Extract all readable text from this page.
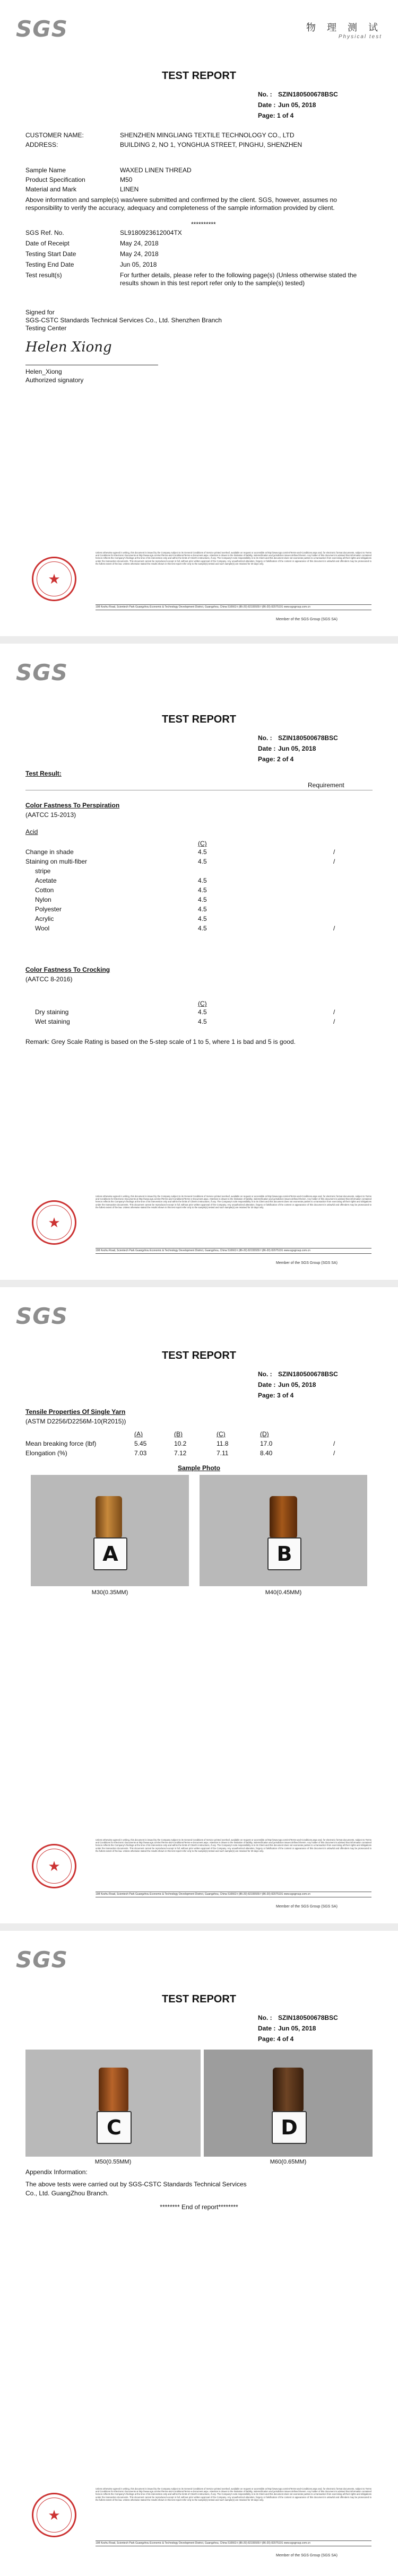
SGS	物 理 测 试
Physical test
TEST REPORT
No. : SZIN180500678BSC
Date : Jun 05, 2018
Page: 1 of 4
CUSTOMER NAME:	SHENZHEN MINGLIANG TEXTILE TECHNOLOGY CO., LTD
ADDRESS:	BUILDING 2, NO 1, YONGHUA STREET, PINGHU, SHENZHEN
Sample Name	WAXED LINEN THREAD
Product Specification	M50
Material and Mark	LINEN
Above information and sample(s) was/were submitted and confirmed by the client. SGS, however, assumes no responsibility to verify the accuracy, adequacy and completeness of the sample information provided by client.
**********
SGS Ref. No.	SL9180923612004TX
Date of Receipt	May 24, 2018
Testing Start Date	May 24, 2018
Testing End Date	Jun 05, 2018
Test result(s)	For further details, please refer to the following page(s) (Unless otherwise stated the results shown in this test report refer only to the sample(s) tested)
Signed for
SGS-CSTC Standards Technical Services Co., Ltd. Shenzhen Branch
Testing Center
Helen Xiong
Helen_Xiong
Authorized signatory
★
Unless otherwise agreed in writing, this document is issued by the Company subject to its General Conditions of Service printed overleaf, available on request or accessible at http://www.sgs.com/en/Terms-and-Conditions.aspx and, for electronic format documents, subject to Terms and Conditions for Electronic Documents at http://www.sgs.com/en/Terms-and-Conditions/Terms-e-Document.aspx. Attention is drawn to the limitation of liability, indemnification and jurisdiction issues defined therein. Any holder of this document is advised that information contained hereon reflects the Company's findings at the time of its intervention only and within the limits of Client's instructions, if any. The Company's sole responsibility is to its Client and this document does not exonerate parties to a transaction from exercising all their rights and obligations under the transaction documents. This document cannot be reproduced except in full, without prior written approval of the Company. Any unauthorized alteration, forgery or falsification of the content or appearance of this document is unlawful and offenders may be prosecuted to the fullest extent of the law. Unless otherwise stated the results shown in this test report refer only to the sample(s) tested and such sample(s) are retained for 30 days only.
198 Kezhu Road, Scientech Park Guangzhou Economic & Technology Development District, Guangzhou, China 510663 t (86-20) 82155555 f (86-20) 82075191 www.sgsgroup.com.cn
Member of the SGS Group (SGS SA)
SGS
TEST REPORT
No. : SZIN180500678BSC
Date : Jun 05, 2018
Page: 2 of 4
Test Result:
Requirement
Color Fastness To Perspiration
(AATCC 15-2013)
Acid
(C)
Change in shade	4.5	/
Staining on multi-fiber	4.5	/
stripe
Acetate	4.5
Cotton	4.5
Nylon	4.5
Polyester	4.5
Acrylic	4.5
Wool	4.5	/
Color Fastness To Crocking
(AATCC 8-2016)
(C)
Dry staining	4.5	/
Wet staining	4.5	/
Remark: Grey Scale Rating is based on the 5-step scale of 1 to 5, where 1 is bad and 5 is good.
★
Unless otherwise agreed in writing, this document is issued by the Company subject to its General Conditions of Service printed overleaf, available on request or accessible at http://www.sgs.com/en/Terms-and-Conditions.aspx and, for electronic format documents, subject to Terms and Conditions for Electronic Documents at http://www.sgs.com/en/Terms-and-Conditions/Terms-e-Document.aspx. Attention is drawn to the limitation of liability, indemnification and jurisdiction issues defined therein. Any holder of this document is advised that information contained hereon reflects the Company's findings at the time of its intervention only and within the limits of Client's instructions, if any. The Company's sole responsibility is to its Client and this document does not exonerate parties to a transaction from exercising all their rights and obligations under the transaction documents. This document cannot be reproduced except in full, without prior written approval of the Company. Any unauthorized alteration, forgery or falsification of the content or appearance of this document is unlawful and offenders may be prosecuted to the fullest extent of the law. Unless otherwise stated the results shown in this test report refer only to the sample(s) tested and such sample(s) are retained for 30 days only.
198 Kezhu Road, Scientech Park Guangzhou Economic & Technology Development District, Guangzhou, China 510663 t (86-20) 82155555 f (86-20) 82075191 www.sgsgroup.com.cn
Member of the SGS Group (SGS SA)
SGS
TEST REPORT
No. : SZIN180500678BSC
Date : Jun 05, 2018
Page: 3 of 4
Tensile Properties Of Single Yarn
(ASTM D2256/D2256M-10(R2015))
(A)	(B)	(C)	(D)
Mean breaking force (lbf)	5.45	10.2	11.8	17.0	/
Elongation (%)	7.03	7.12	7.11	8.40	/
Sample Photo
A
M30(0.35MM)
B
M40(0.45MM)
★
Unless otherwise agreed in writing, this document is issued by the Company subject to its General Conditions of Service printed overleaf, available on request or accessible at http://www.sgs.com/en/Terms-and-Conditions.aspx and, for electronic format documents, subject to Terms and Conditions for Electronic Documents at http://www.sgs.com/en/Terms-and-Conditions/Terms-e-Document.aspx. Attention is drawn to the limitation of liability, indemnification and jurisdiction issues defined therein. Any holder of this document is advised that information contained hereon reflects the Company's findings at the time of its intervention only and within the limits of Client's instructions, if any. The Company's sole responsibility is to its Client and this document does not exonerate parties to a transaction from exercising all their rights and obligations under the transaction documents. This document cannot be reproduced except in full, without prior written approval of the Company. Any unauthorized alteration, forgery or falsification of the content or appearance of this document is unlawful and offenders may be prosecuted to the fullest extent of the law. Unless otherwise stated the results shown in this test report refer only to the sample(s) tested and such sample(s) are retained for 30 days only.
198 Kezhu Road, Scientech Park Guangzhou Economic & Technology Development District, Guangzhou, China 510663 t (86-20) 82155555 f (86-20) 82075191 www.sgsgroup.com.cn
Member of the SGS Group (SGS SA)
SGS
TEST REPORT
No. : SZIN180500678BSC
Date : Jun 05, 2018
Page: 4 of 4
C
M50(0.55MM)
D
M60(0.65MM)
Appendix Information:
The above tests were carried out by SGS-CSTC Standards Technical Services Co., Ltd. GuangZhou Branch.
******** End of report********
★
Unless otherwise agreed in writing, this document is issued by the Company subject to its General Conditions of Service printed overleaf, available on request or accessible at http://www.sgs.com/en/Terms-and-Conditions.aspx and, for electronic format documents, subject to Terms and Conditions for Electronic Documents at http://www.sgs.com/en/Terms-and-Conditions/Terms-e-Document.aspx. Attention is drawn to the limitation of liability, indemnification and jurisdiction issues defined therein. Any holder of this document is advised that information contained hereon reflects the Company's findings at the time of its intervention only and within the limits of Client's instructions, if any. The Company's sole responsibility is to its Client and this document does not exonerate parties to a transaction from exercising all their rights and obligations under the transaction documents. This document cannot be reproduced except in full, without prior written approval of the Company. Any unauthorized alteration, forgery or falsification of the content or appearance of this document is unlawful and offenders may be prosecuted to the fullest extent of the law. Unless otherwise stated the results shown in this test report refer only to the sample(s) tested and such sample(s) are retained for 30 days only.
198 Kezhu Road, Scientech Park Guangzhou Economic & Technology Development District, Guangzhou, China 510663 t (86-20) 82155555 f (86-20) 82075191 www.sgsgroup.com.cn
Member of the SGS Group (SGS SA)
